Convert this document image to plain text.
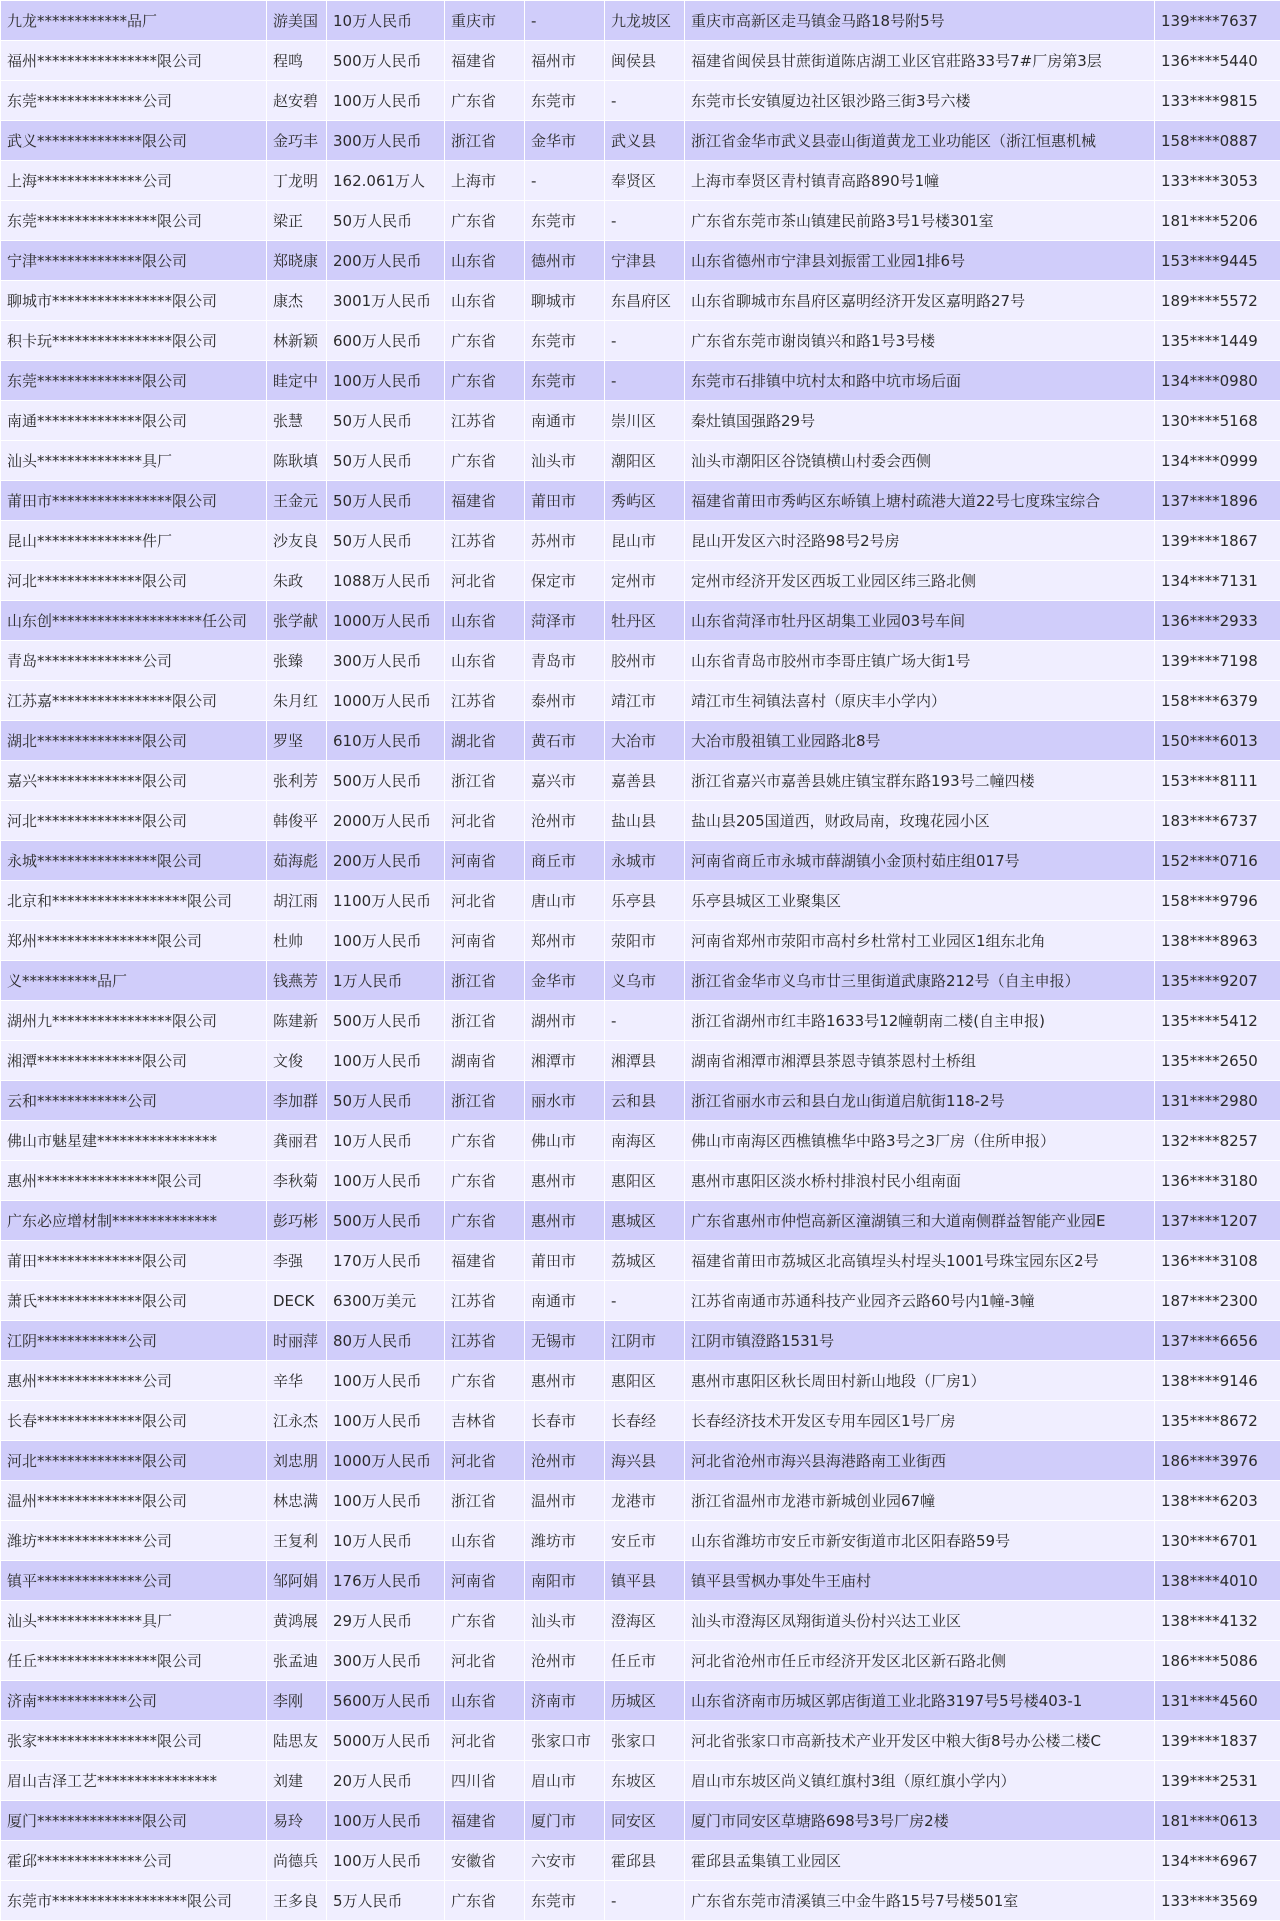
九龙************品厂	游美国	10万人民币	重庆市	-	九龙坡区	重庆市高新区走马镇金马路18号附5号	139****7637
福州****************限公司	程鸣	500万人民币	福建省	福州市	闽侯县	福建省闽侯县甘蔗街道陈店湖工业区官莊路33号7#厂房第3层	136****5440
东莞**************公司	赵安碧	100万人民币	广东省	东莞市	-	东莞市长安镇厦边社区银沙路三街3号六楼	133****9815
武义**************限公司	金巧丰	300万人民币	浙江省	金华市	武义县	浙江省金华市武义县壶山街道黄龙工业功能区（浙江恒惠机械	158****0887
上海**************公司	丁龙明	162.061万人	上海市	-	奉贤区	上海市奉贤区青村镇青高路890号1幢	133****3053
东莞****************限公司	梁正	50万人民币	广东省	东莞市	-	广东省东莞市茶山镇建民前路3号1号楼301室	181****5206
宁津**************限公司	郑晓康	200万人民币	山东省	德州市	宁津县	山东省德州市宁津县刘振雷工业园1排6号	153****9445
聊城市****************限公司	康杰	3001万人民币	山东省	聊城市	东昌府区	山东省聊城市东昌府区嘉明经济开发区嘉明路27号	189****5572
积卡玩****************限公司	林新颖	600万人民币	广东省	东莞市	-	广东省东莞市谢岗镇兴和路1号3号楼	135****1449
东莞**************限公司	眭定中	100万人民币	广东省	东莞市	-	东莞市石排镇中坑村太和路中坑市场后面	134****0980
南通**************限公司	张慧	50万人民币	江苏省	南通市	崇川区	秦灶镇国强路29号	130****5168
汕头**************具厂	陈耿填	50万人民币	广东省	汕头市	潮阳区	汕头市潮阳区谷饶镇横山村委会西侧	134****0999
莆田市****************限公司	王金元	50万人民币	福建省	莆田市	秀屿区	福建省莆田市秀屿区东峤镇上塘村疏港大道22号七度珠宝综合	137****1896
昆山**************件厂	沙友良	50万人民币	江苏省	苏州市	昆山市	昆山开发区六时泾路98号2号房	139****1867
河北**************限公司	朱政	1088万人民币	河北省	保定市	定州市	定州市经济开发区西坂工业园区纬三路北侧	134****7131
山东创********************任公司	张学献	1000万人民币	山东省	菏泽市	牡丹区	山东省菏泽市牡丹区胡集工业园03号车间	136****2933
青岛**************公司	张臻	300万人民币	山东省	青岛市	胶州市	山东省青岛市胶州市李哥庄镇广场大街1号	139****7198
江苏嘉****************限公司	朱月红	1000万人民币	江苏省	泰州市	靖江市	靖江市生祠镇法喜村（原庆丰小学内）	158****6379
湖北**************限公司	罗坚	610万人民币	湖北省	黄石市	大冶市	大冶市殷祖镇工业园路北8号	150****6013
嘉兴**************限公司	张利芳	500万人民币	浙江省	嘉兴市	嘉善县	浙江省嘉兴市嘉善县姚庄镇宝群东路193号二幢四楼	153****8111
河北**************限公司	韩俊平	2000万人民币	河北省	沧州市	盐山县	盐山县205国道西，财政局南，玫瑰花园小区	183****6737
永城****************限公司	茹海彪	200万人民币	河南省	商丘市	永城市	河南省商丘市永城市薛湖镇小金顶村茹庄组017号	152****0716
北京和******************限公司	胡江雨	1100万人民币	河北省	唐山市	乐亭县	乐亭县城区工业聚集区	158****9796
郑州****************限公司	杜帅	100万人民币	河南省	郑州市	荥阳市	河南省郑州市荥阳市高村乡杜常村工业园区1组东北角	138****8963
义**********品厂	钱燕芳	1万人民币	浙江省	金华市	义乌市	浙江省金华市义乌市廿三里街道武康路212号（自主申报）	135****9207
湖州九****************限公司	陈建新	500万人民币	浙江省	湖州市	-	浙江省湖州市红丰路1633号12幢朝南二楼(自主申报)	135****5412
湘潭**************限公司	文俊	100万人民币	湖南省	湘潭市	湘潭县	湖南省湘潭市湘潭县茶恩寺镇茶恩村土桥组	135****2650
云和************公司	李加群	50万人民币	浙江省	丽水市	云和县	浙江省丽水市云和县白龙山街道启航街118-2号	131****2980
佛山市魅星建****************	龚丽君	10万人民币	广东省	佛山市	南海区	佛山市南海区西樵镇樵华中路3号之3厂房（住所申报）	132****8257
惠州****************限公司	李秋菊	100万人民币	广东省	惠州市	惠阳区	惠州市惠阳区淡水桥村排浪村民小组南面	136****3180
广东必应增材制**************	彭巧彬	500万人民币	广东省	惠州市	惠城区	广东省惠州市仲恺高新区潼湖镇三和大道南侧群益智能产业园E	137****1207
莆田**************限公司	李强	170万人民币	福建省	莆田市	荔城区	福建省莆田市荔城区北高镇埕头村埕头1001号珠宝园东区2号	136****3108
萧氏**************限公司	DECK	6300万美元	江苏省	南通市	-	江苏省南通市苏通科技产业园齐云路60号内1幢-3幢	187****2300
江阴************公司	时丽萍	80万人民币	江苏省	无锡市	江阴市	江阴市镇澄路1531号	137****6656
惠州**************公司	辛华	100万人民币	广东省	惠州市	惠阳区	惠州市惠阳区秋长周田村新山地段（厂房1）	138****9146
长春**************限公司	江永杰	100万人民币	吉林省	长春市	长春经	长春经济技术开发区专用车园区1号厂房	135****8672
河北**************限公司	刘忠朋	1000万人民币	河北省	沧州市	海兴县	河北省沧州市海兴县海港路南工业街西	186****3976
温州**************限公司	林忠满	100万人民币	浙江省	温州市	龙港市	浙江省温州市龙港市新城创业园67幢	138****6203
潍坊**************公司	王复利	10万人民币	山东省	潍坊市	安丘市	山东省潍坊市安丘市新安街道市北区阳春路59号	130****6701
镇平**************公司	邹阿娟	176万人民币	河南省	南阳市	镇平县	镇平县雪枫办事处牛王庙村	138****4010
汕头**************具厂	黄鸿展	29万人民币	广东省	汕头市	澄海区	汕头市澄海区凤翔街道头份村兴达工业区	138****4132
任丘****************限公司	张孟迪	300万人民币	河北省	沧州市	任丘市	河北省沧州市任丘市经济开发区北区新石路北侧	186****5086
济南************公司	李刚	5600万人民币	山东省	济南市	历城区	山东省济南市历城区郭店街道工业北路3197号5号楼403-1	131****4560
张家****************限公司	陆思友	5000万人民币	河北省	张家口市	张家口	河北省张家口市高新技术产业开发区中粮大街8号办公楼二楼C	139****1837
眉山吉泽工艺****************	刘建	20万人民币	四川省	眉山市	东坡区	眉山市东坡区尚义镇红旗村3组（原红旗小学内）	139****2531
厦门**************限公司	易玲	100万人民币	福建省	厦门市	同安区	厦门市同安区草塘路698号3号厂房2楼	181****0613
霍邱**************公司	尚德兵	100万人民币	安徽省	六安市	霍邱县	霍邱县孟集镇工业园区	134****6967
东莞市******************限公司	王多良	5万人民币	广东省	东莞市	-	广东省东莞市清溪镇三中金牛路15号7号楼501室	133****3569
